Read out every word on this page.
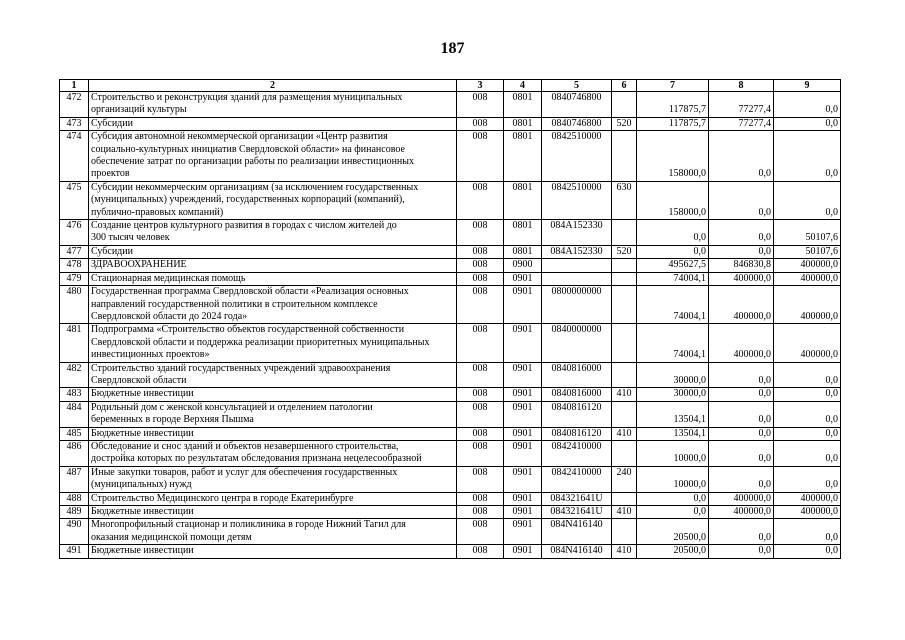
187
1	2	3	4	5	6	7	8	9
472	Строительство и реконструкция зданий для размещения муниципальных
организаций культуры	008	0801	0840746800		117875,7	77277,4	0,0
473	Субсидии	008	0801	0840746800	520	117875,7	77277,4	0,0
474	Субсидия автономной некоммерческой организации «Центр развития
социально-культурных инициатив Свердловской области» на финансовое
обеспечение затрат по организации работы по реализации инвестиционных
проектов	008	0801	0842510000		158000,0	0,0	0,0
475	Субсидии некоммерческим организациям (за исключением государственных
(муниципальных) учреждений, государственных корпораций (компаний),
публично-правовых компаний)	008	0801	0842510000	630	158000,0	0,0	0,0
476	Создание центров культурного развития в городах с числом жителей до
300 тысяч человек	008	0801	084A152330		0,0	0,0	50107,6
477	Субсидии	008	0801	084A152330	520	0,0	0,0	50107,6
478	ЗДРАВООХРАНЕНИЕ	008	0900			495627,5	846830,8	400000,0
479	Стационарная медицинская помощь	008	0901			74004,1	400000,0	400000,0
480	Государственная программа Свердловской области «Реализация основных
направлений государственной политики в строительном комплексе
Свердловской области до 2024 года»	008	0901	0800000000		74004,1	400000,0	400000,0
481	Подпрограмма «Строительство объектов государственной собственности
Свердловской области и поддержка реализации приоритетных муниципальных
инвестиционных проектов»	008	0901	0840000000		74004,1	400000,0	400000,0
482	Строительство зданий государственных учреждений здравоохранения
Свердловской области	008	0901	0840816000		30000,0	0,0	0,0
483	Бюджетные инвестиции	008	0901	0840816000	410	30000,0	0,0	0,0
484	Родильный дом с женской консультацией и отделением патологии
беременных в городе Верхняя Пышма	008	0901	0840816120		13504,1	0,0	0,0
485	Бюджетные инвестиции	008	0901	0840816120	410	13504,1	0,0	0,0
486	Обследование и снос зданий и объектов незавершенного строительства,
дострой́ка которых по результатам обследования признана нецелесообразной	008	0901	0842410000		10000,0	0,0	0,0
487	Иные закупки товаров, работ и услуг для обеспечения государственных
(муниципальных) нужд	008	0901	0842410000	240	10000,0	0,0	0,0
488	Строительство Медицинского центра в городе Екатеринбурге	008	0901	084321641U		0,0	400000,0	400000,0
489	Бюджетные инвестиции	008	0901	084321641U	410	0,0	400000,0	400000,0
490	Многопрофильный стационар и поликлиника в городе Нижний Тагил для
оказания медицинской помощи детям	008	0901	084N416140		20500,0	0,0	0,0
491	Бюджетные инвестиции	008	0901	084N416140	410	20500,0	0,0	0,0
